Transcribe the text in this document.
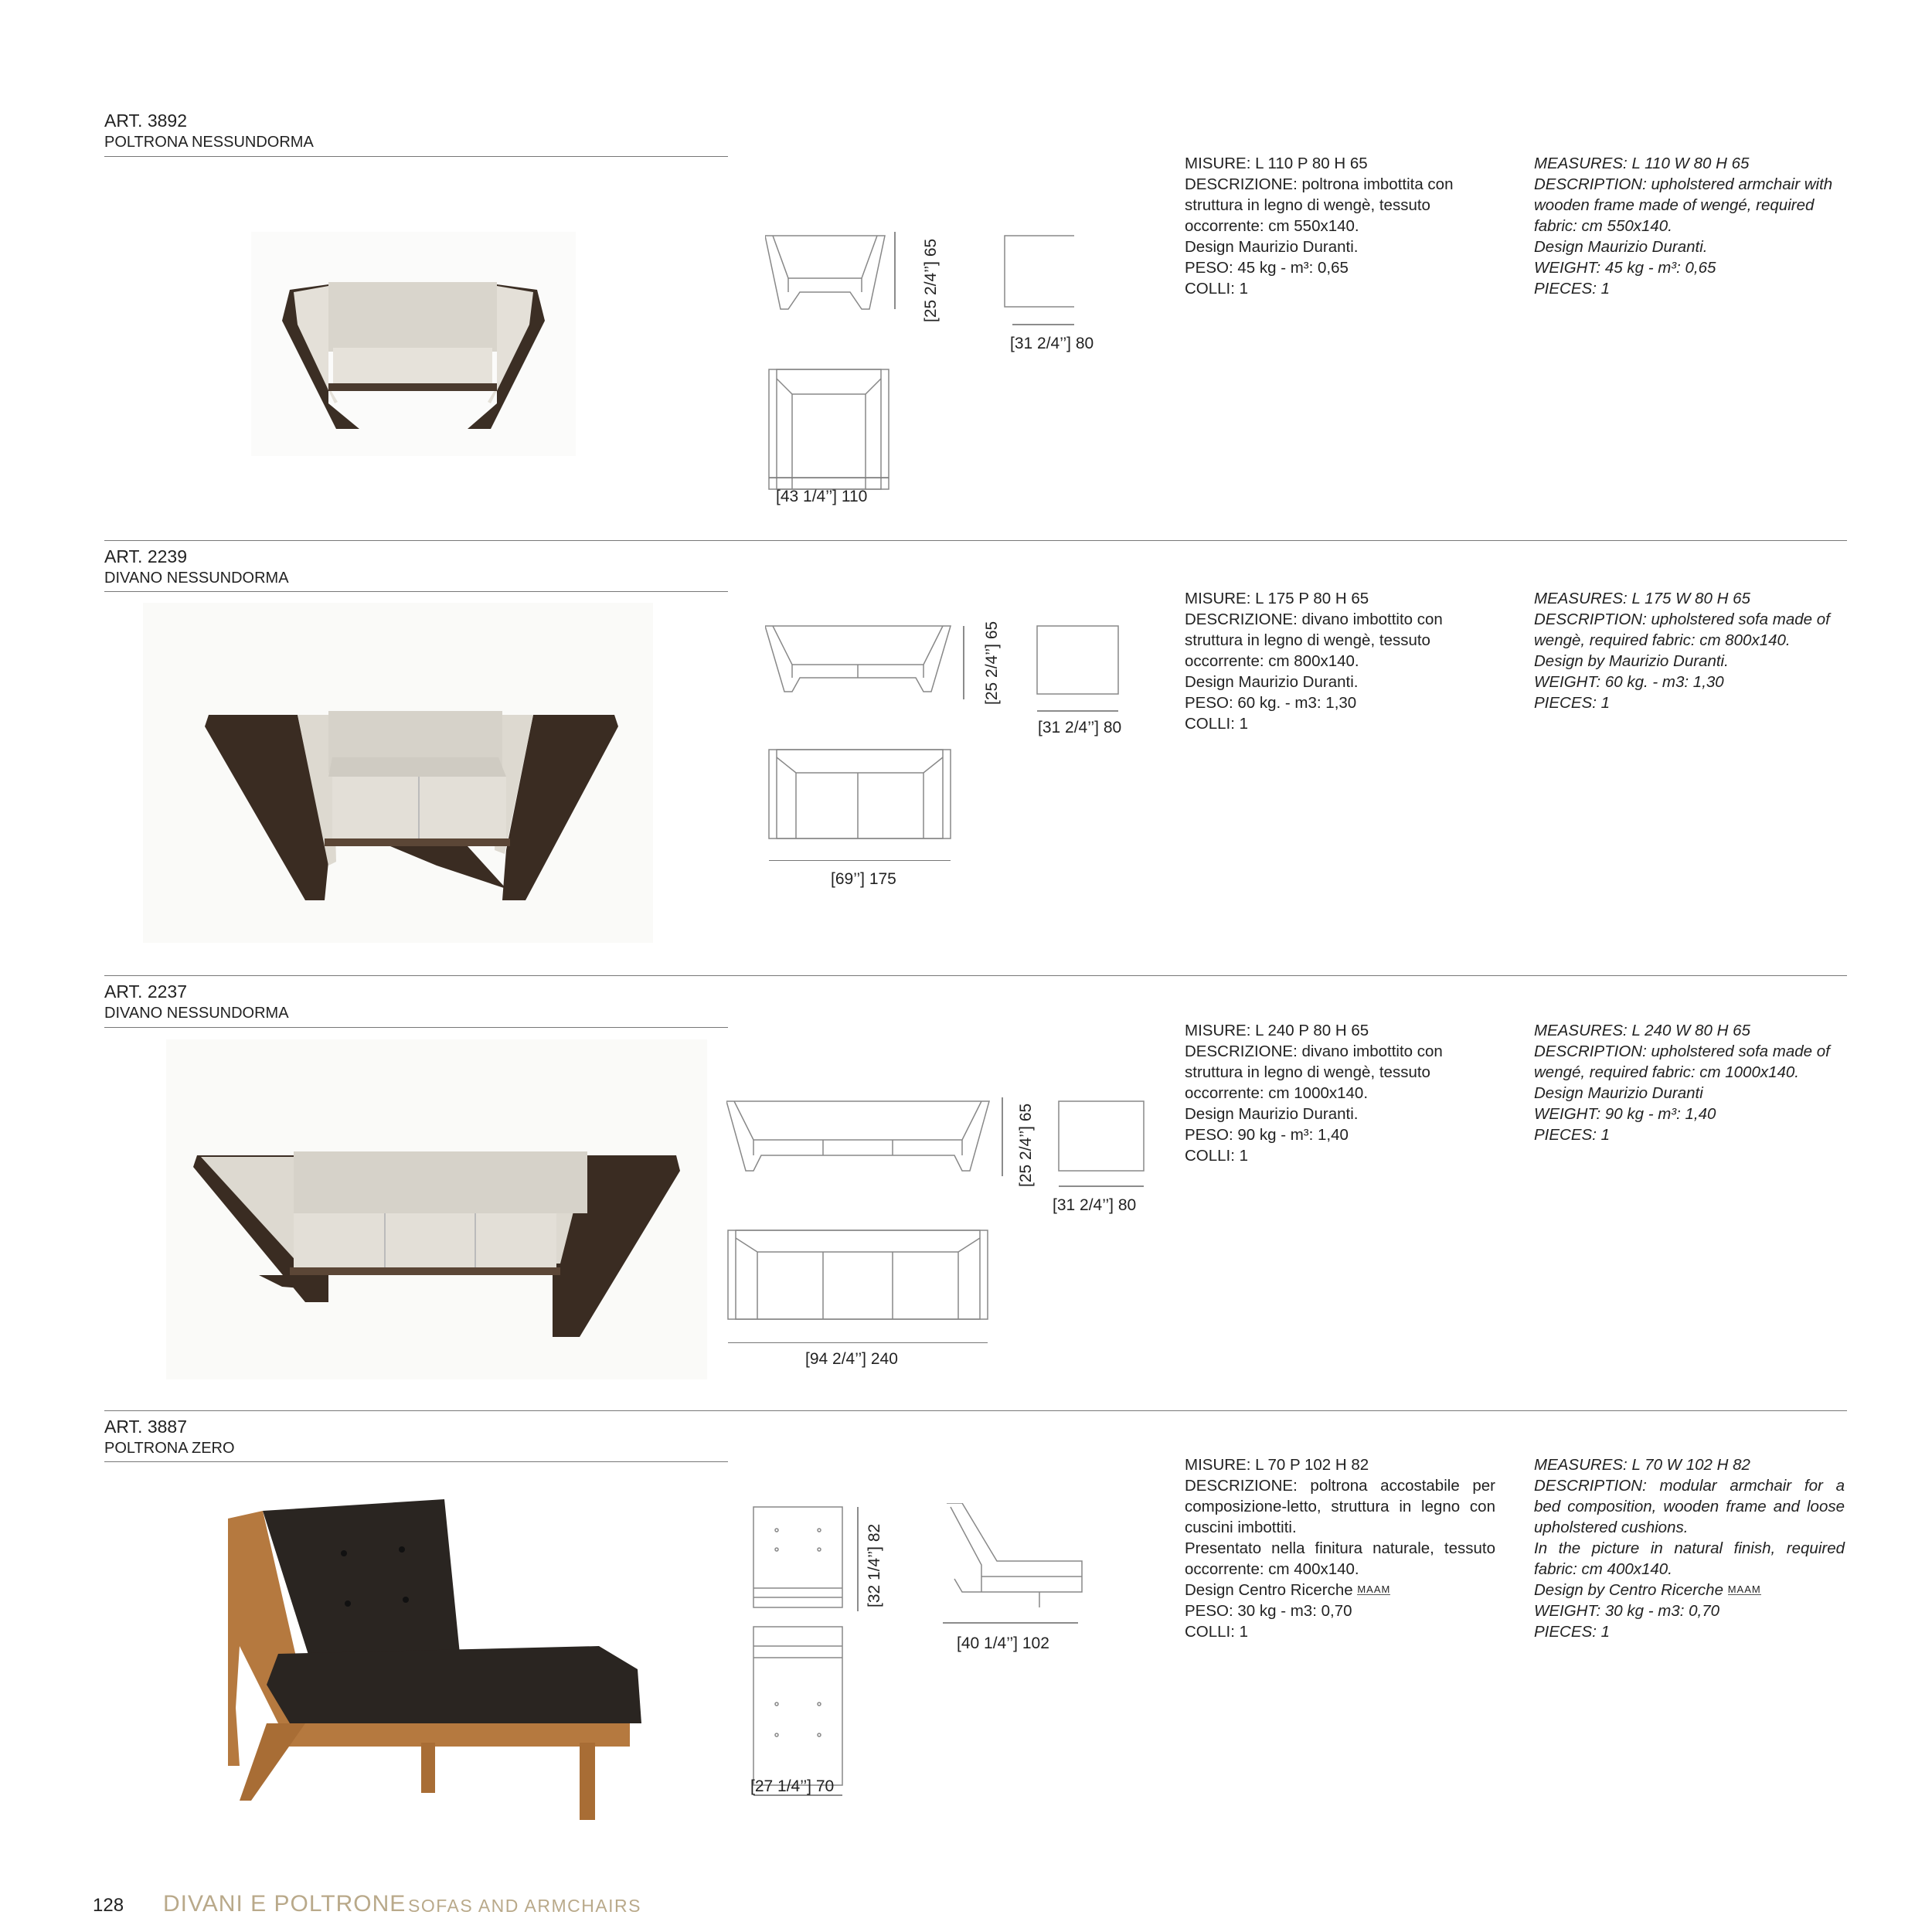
ART. 3892
POLTRONA NESSUNDORMA
[25 2/4’’] 65
[31 2/4’’] 80
[43 1/4’’] 110
MISURE: L 110 P 80 H 65
DESCRIZIONE: poltrona imbottita con
struttura in legno di wengè, tessuto
occorrente: cm 550x140.
Design Maurizio Duranti.
PESO: 45 kg - m³: 0,65
COLLI: 1
MEASURES: L 110 W 80 H 65
DESCRIPTION: upholstered armchair with
wooden frame made of wengé, required
fabric: cm 550x140.
Design Maurizio Duranti.
WEIGHT: 45 kg - m³: 0,65
PIECES: 1
ART. 2239
DIVANO NESSUNDORMA
[25 2/4’’] 65
[31 2/4’’] 80
[69’’] 175
MISURE: L 175 P 80 H 65
DESCRIZIONE: divano imbottito con
struttura in legno di wengè, tessuto
occorrente: cm 800x140.
Design Maurizio Duranti.
PESO: 60 kg. - m3: 1,30
COLLI: 1
MEASURES: L 175 W 80 H 65
DESCRIPTION: upholstered sofa made of
wengè, required fabric: cm 800x140.
Design by Maurizio Duranti.
WEIGHT: 60 kg. - m3: 1,30
PIECES: 1
ART. 2237
DIVANO NESSUNDORMA
[25 2/4’’] 65
[31 2/4’’] 80
[94 2/4’’] 240
MISURE: L 240 P 80 H 65
DESCRIZIONE: divano imbottito con
struttura in legno di wengè, tessuto
occorrente: cm 1000x140.
Design Maurizio Duranti.
PESO: 90 kg - m³: 1,40
COLLI: 1
MEASURES: L 240 W 80 H 65
DESCRIPTION: upholstered sofa made of
wengé, required fabric: cm 1000x140.
Design Maurizio Duranti
WEIGHT: 90 kg - m³: 1,40
PIECES: 1
ART. 3887
POLTRONA ZERO
[32 1/4’’] 82
[40 1/4’’] 102
[27 1/4’’] 70
MISURE: L 70 P 102 H 82
DESCRIZIONE: poltrona accostabile per
composizione-letto, struttura in legno con
cuscini imbottiti.
Presentato nella finitura naturale, tessuto
occorrente: cm 400x140.
Design Centro Ricerche MAAM
PESO: 30 kg - m3: 0,70
COLLI: 1
MEASURES: L 70 W 102 H 82
DESCRIPTION: modular armchair for a
bed composition, wooden frame and loose
upholstered cushions.
In the picture in natural finish, required
fabric: cm 400x140.
Design by Centro Ricerche MAAM
WEIGHT: 30 kg - m3: 0,70
PIECES: 1
128 DIVANI E POLTRONE SOFAS AND ARMCHAIRS
